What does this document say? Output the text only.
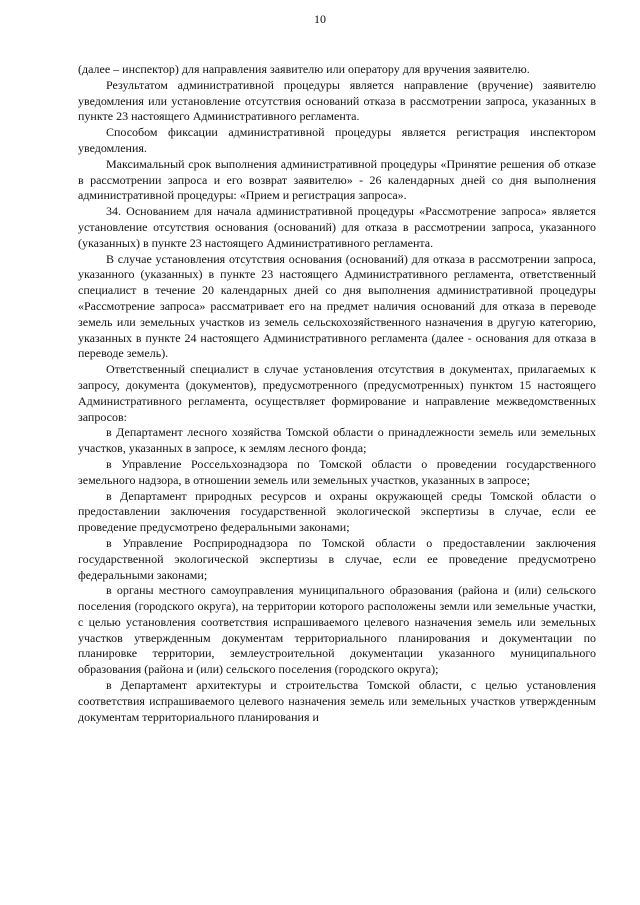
10

(далее – инспектор) для направления заявителю или оператору для вручения заявителю.

Результатом административной процедуры является направление (вручение) заявителю уведомления или установление отсутствия оснований отказа в рассмотрении запроса, указанных в пункте 23 настоящего Административного регламента.

Способом фиксации административной процедуры является регистрация инспектором уведомления.

Максимальный срок выполнения административной процедуры «Принятие решения об отказе в рассмотрении запроса и его возврат заявителю» - 26 календарных дней со дня выполнения административной процедуры: «Прием и регистрация запроса».

34. Основанием для начала административной процедуры «Рассмотрение запроса» является установление отсутствия основания (оснований) для отказа в рассмотрении запроса, указанного (указанных) в пункте 23 настоящего Административного регламента.

В случае установления отсутствия основания (оснований) для отказа в рассмотрении запроса, указанного (указанных) в пункте 23 настоящего Административного регламента, ответственный специалист в течение 20 календарных дней со дня выполнения административной процедуры «Рассмотрение запроса» рассматривает его на предмет наличия оснований для отказа в переводе земель или земельных участков из земель сельскохозяйственного назначения в другую категорию, указанных в пункте 24 настоящего Административного регламента (далее - основания для отказа в переводе земель).

Ответственный специалист в случае установления отсутствия в документах, прилагаемых к запросу, документа (документов), предусмотренного (предусмотренных) пунктом 15 настоящего Административного регламента, осуществляет формирование и направление межведомственных запросов:

в Департамент лесного хозяйства Томской области о принадлежности земель или земельных участков, указанных в запросе, к землям лесного фонда;

в Управление Россельхознадзора по Томской области о проведении государственного земельного надзора, в отношении земель или земельных участков, указанных в запросе;

в Департамент природных ресурсов и охраны окружающей среды Томской области о предоставлении заключения государственной экологической экспертизы в случае, если ее проведение предусмотрено федеральными законами;

в Управление Росприроднадзора по Томской области о предоставлении заключения государственной экологической экспертизы в случае, если ее проведение предусмотрено федеральными законами;

в органы местного самоуправления муниципального образования (района и (или) сельского поселения (городского округа), на территории которого расположены земли или земельные участки, с целью установления соответствия испрашиваемого целевого назначения земель или земельных участков утвержденным документам территориального планирования и документации по планировке территории, землеустроительной документации указанного муниципального образования (района и (или) сельского поселения (городского округа);

в Департамент архитектуры и строительства Томской области, с целью установления соответствия испрашиваемого целевого назначения земель или земельных участков утвержденным документам территориального планирования и
